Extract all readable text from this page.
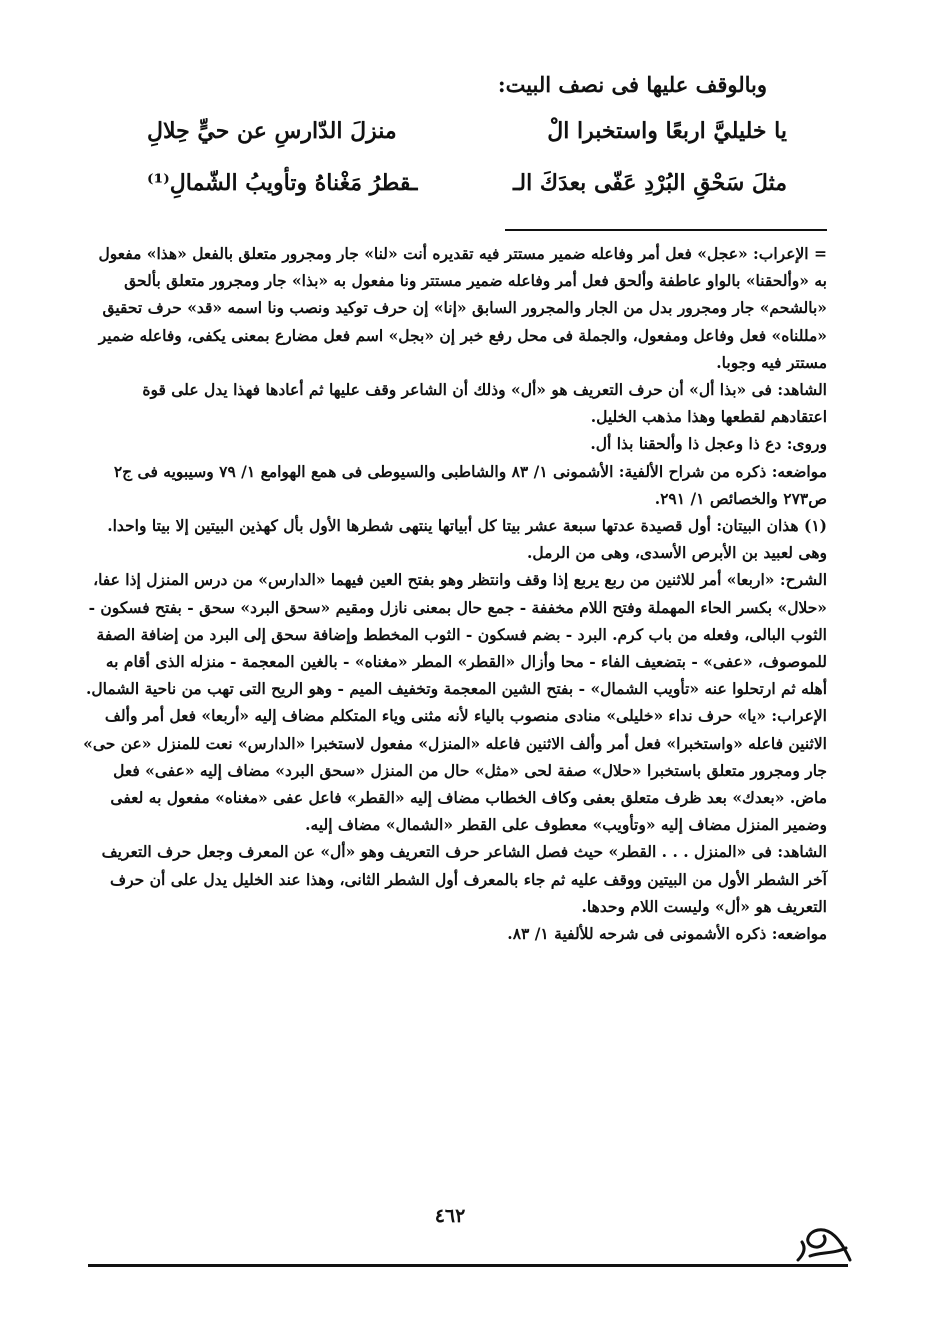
وبالوقف عليها فى نصف البيت:
يا خليليَّ اربعًا واستخبرا الْ
منزلَ الدّارسِ عن حيٍّ حِلالِ
مثلَ سَحْقِ البُرْدِ عَفّى بعدَكَ الـ
ـقطرُ مَغْناهُ وتأويبُ الشّمالِ⁽¹⁾

= الإعراب: «عجل» فعل أمر وفاعله ضمير مستتر فيه تقديره أنت «لنا» جار ومجرور متعلق بالفعل «هذا» مفعول به «وألحقنا» بالواو عاطفة وألحق فعل أمر وفاعله ضمير مستتر ونا مفعول به «بذا» جار ومجرور متعلق بألحق «بالشحم» جار ومجرور بدل من الجار والمجرور السابق «إنا» إن حرف توكيد ونصب ونا اسمه «قد» حرف تحقيق «مللناه» فعل وفاعل ومفعول، والجملة فى محل رفع خبر إن «بجل» اسم فعل مضارع بمعنى يكفى، وفاعله ضمير مستتر فيه وجوبا.

الشاهد: فى «بذا أل» أن حرف التعريف هو «أل» وذلك أن الشاعر وقف عليها ثم أعادها فهذا يدل على قوة اعتقادهم لقطعها وهذا مذهب الخليل.

وروى: دع ذا وعجل ذا وألحقنا بذا أل.

مواضعه: ذكره من شراح الألفية: الأشمونى ١/ ٨٣ والشاطبى والسيوطى فى همع الهوامع ١/ ٧٩ وسيبويه فى ج٢ ص٢٧٣ والخصائص ١/ ٢٩١.

(١) هذان البيتان: أول قصيدة عدتها سبعة عشر بيتا كل أبياتها ينتهى شطرها الأول بأل كهذين البيتين إلا بيتا واحدا. وهى لعبيد بن الأبرص الأسدى، وهى من الرمل.

الشرح: «اربعا» أمر للاثنين من ربع يربع إذا وقف وانتظر وهو بفتح العين فيهما «الدارس» من درس المنزل إذا عفا، «حلال» بكسر الحاء المهملة وفتح اللام مخففة - جمع حال بمعنى نازل ومقيم «سحق البرد» سحق - بفتح فسكون - الثوب البالى، وفعله من باب كرم. البرد - بضم فسكون - الثوب المخطط وإضافة سحق إلى البرد من إضافة الصفة للموصوف، «عفى» - بتضعيف الفاء - محا وأزال «القطر» المطر «مغناه» - بالغين المعجمة - منزله الذى أقام به أهله ثم ارتحلوا عنه «تأويب الشمال» - بفتح الشين المعجمة وتخفيف الميم - وهو الريح التى تهب من ناحية الشمال.

الإعراب: «يا» حرف نداء «خليلى» منادى منصوب بالياء لأنه مثنى وياء المتكلم مضاف إليه «أربعا» فعل أمر وألف الاثنين فاعله «واستخبرا» فعل أمر وألف الاثنين فاعله «المنزل» مفعول لاستخبرا «الدارس» نعت للمنزل «عن حى» جار ومجرور متعلق باستخبرا «حلال» صفة لحى «مثل» حال من المنزل «سحق البرد» مضاف إليه «عفى» فعل ماض. «بعدك» بعد ظرف متعلق بعفى وكاف الخطاب مضاف إليه «القطر» فاعل عفى «مغناه» مفعول به لعفى وضمير المنزل مضاف إليه «وتأويب» معطوف على القطر «الشمال» مضاف إليه.

الشاهد: فى «المنزل . . . القطر» حيث فصل الشاعر حرف التعريف وهو «أل» عن المعرف وجعل حرف التعريف آخر الشطر الأول من البيتين ووقف عليه ثم جاء بالمعرف أول الشطر الثانى، وهذا عند الخليل يدل على أن حرف التعريف هو «أل» وليست اللام وحدها.

مواضعه: ذكره الأشمونى فى شرحه للألفية ١/ ٨٣.

٤٦٢
